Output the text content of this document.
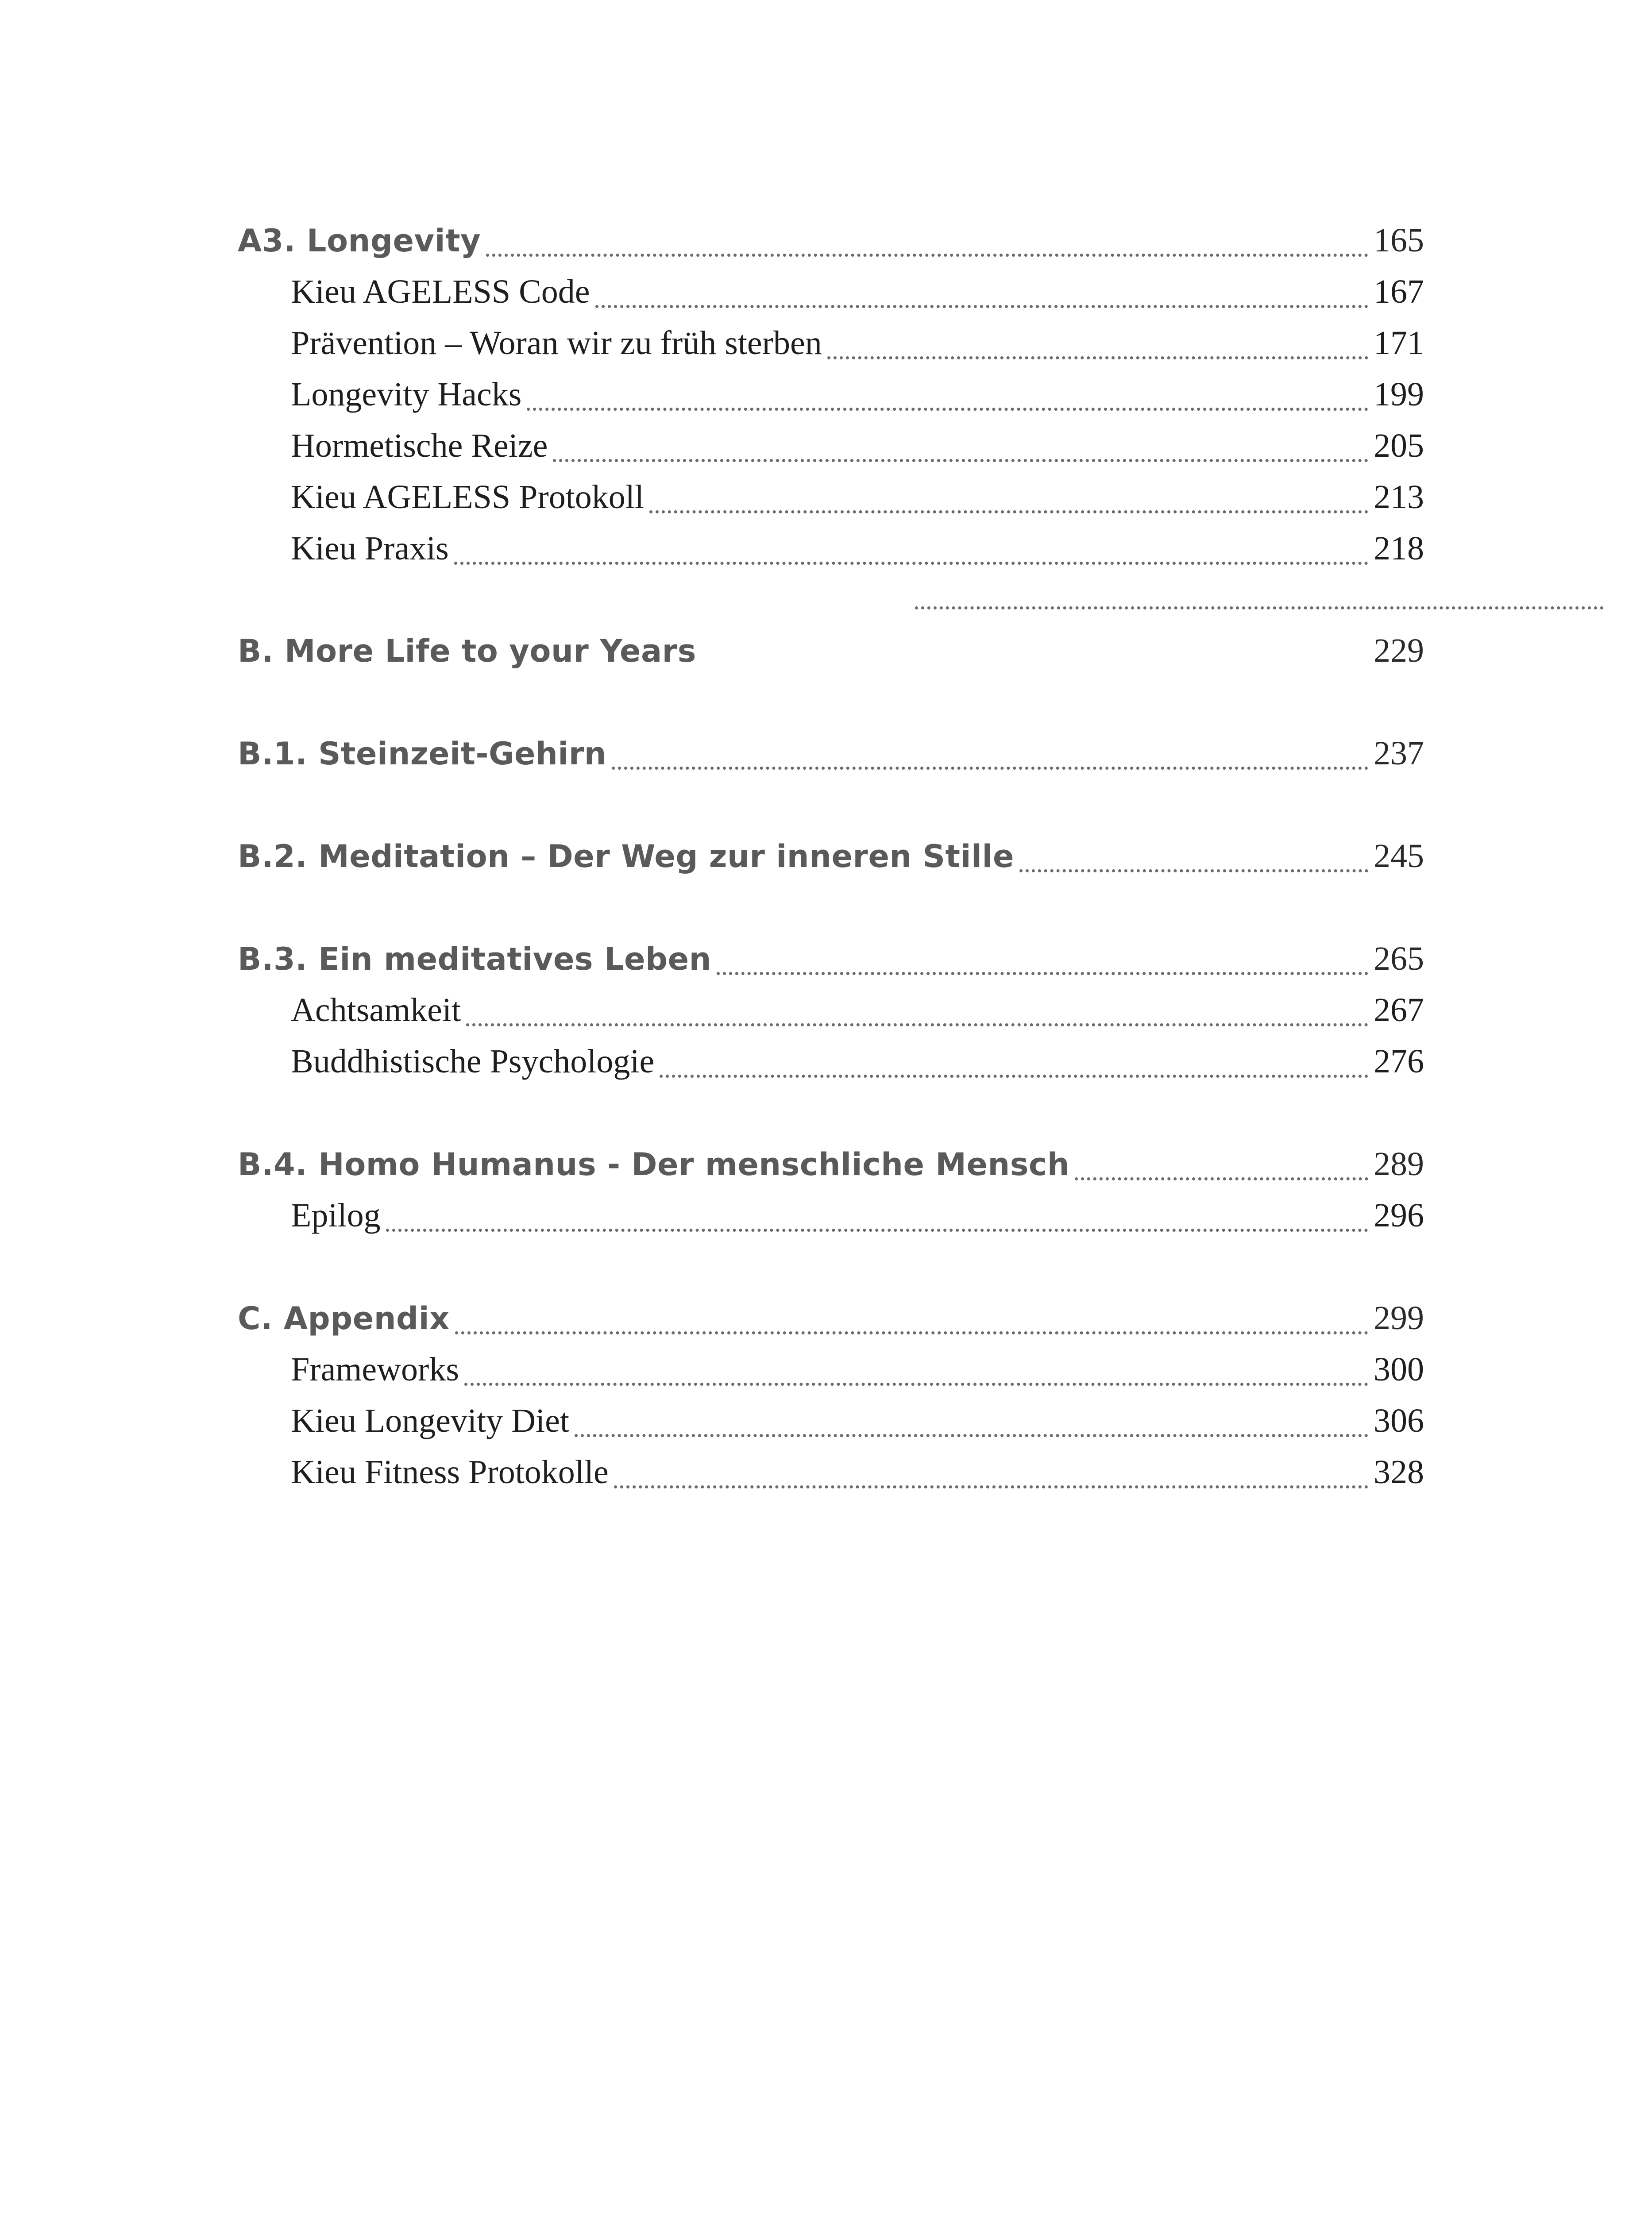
A3. Longevity	165
Kieu AGELESS Code	167
Prävention – Woran wir zu früh sterben	171
Longevity Hacks	199
Hormetische Reize	205
Kieu AGELESS Protokoll	213
Kieu Praxis	218
B. More Life to your Years	229
B.1. Steinzeit-Gehirn	237
B.2. Meditation – Der Weg zur inneren Stille	245
B.3. Ein meditatives Leben	265
Achtsamkeit	267
Buddhistische Psychologie	276
B.4. Homo Humanus - Der menschliche Mensch	289
Epilog	296
C. Appendix	299
Frameworks	300
Kieu Longevity Diet	306
Kieu Fitness Protokolle	328
